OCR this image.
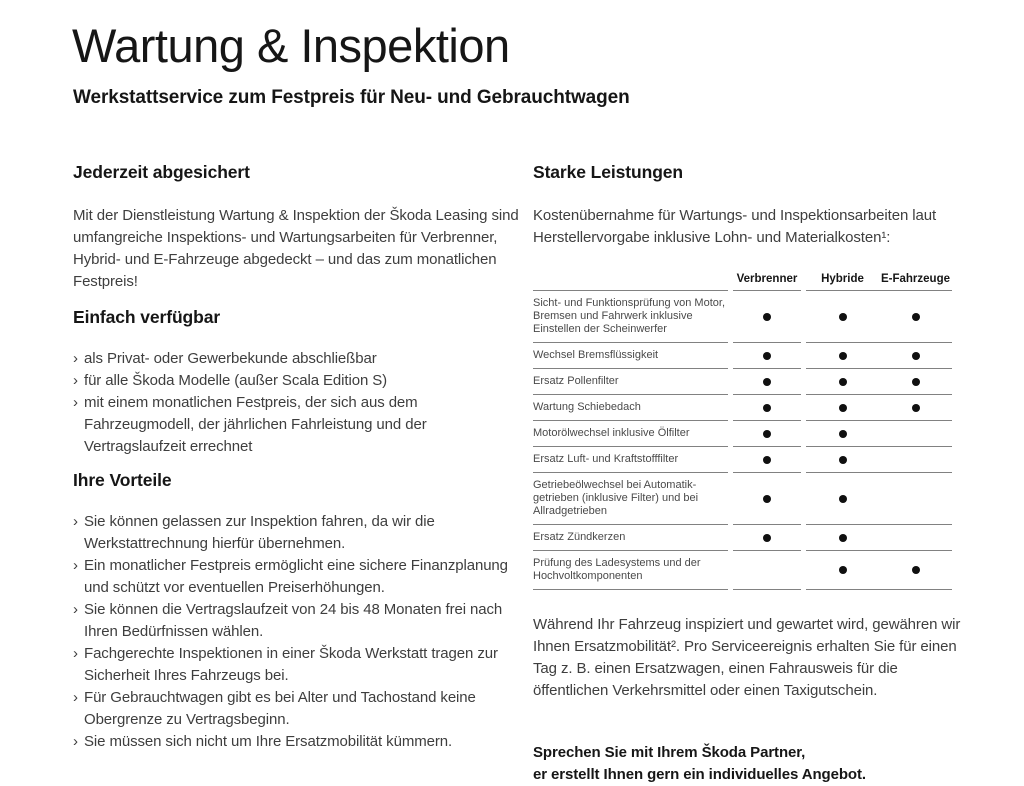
Wartung & Inspektion
Werkstattservice zum Festpreis für Neu- und Gebrauchtwagen
Jederzeit abgesichert

Mit der Dienstleistung Wartung & Inspektion der Škoda Leasing sind umfangreiche Inspektions- und Wartungsarbeiten für Verbrenner, Hybrid- und E-Fahrzeuge abgedeckt – und das zum monatlichen Festpreis!

Einfach verfügbar
› als Privat- oder Gewerbekunde abschließbar
› für alle Škoda Modelle (außer Scala Edition S)
› mit einem monatlichen Festpreis, der sich aus dem Fahrzeugmodell, der jährlichen Fahrleistung und der Vertragslaufzeit errechnet
Ihre Vorteile
› Sie können gelassen zur Inspektion fahren, da wir die Werkstattrechnung hierfür übernehmen.
› Ein monatlicher Festpreis ermöglicht eine sichere Finanzplanung und schützt vor eventuellen Preiserhöhungen.
› Sie können die Vertragslaufzeit von 24 bis 48 Monaten frei nach Ihren Bedürfnissen wählen.
› Fachgerechte Inspektionen in einer Škoda Werkstatt tragen zur Sicherheit Ihres Fahrzeugs bei.
› Für Gebrauchtwagen gibt es bei Alter und Tachostand keine Obergrenze zu Vertragsbeginn.
› Sie müssen sich nicht um Ihre Ersatzmobilität kümmern.
Starke Leistungen

Kostenübernahme für Wartungs- und Inspektionsarbeiten laut Herstellervorgabe inklusive Lohn- und Materialkosten¹:

Verbrenner	Hybride	E-Fahrzeuge
Sicht- und Funktionsprüfung von Motor, Bremsen und Fahrwerk inklusive Einstellen der Scheinwerfer
Wechsel Bremsflüssigkeit
Ersatz Pollenfilter
Wartung Schiebedach
Motorölwechsel inklusive Ölfilter
Ersatz Luft- und Kraftstofffilter
Getriebeölwechsel bei Automatikgetrieben (inklusive Filter) und bei Allradgetrieben
Ersatz Zündkerzen
Prüfung des Ladesystems und der Hochvoltkomponenten

Während Ihr Fahrzeug inspiziert und gewartet wird, gewähren wir Ihnen Ersatzmobilität². Pro Serviceereignis erhalten Sie für einen Tag z. B. einen Ersatzwagen, einen Fahrausweis für die öffentlichen Verkehrsmittel oder einen Taxigutschein.

Sprechen Sie mit Ihrem Škoda Partner,
er erstellt Ihnen gern ein individuelles Angebot.
